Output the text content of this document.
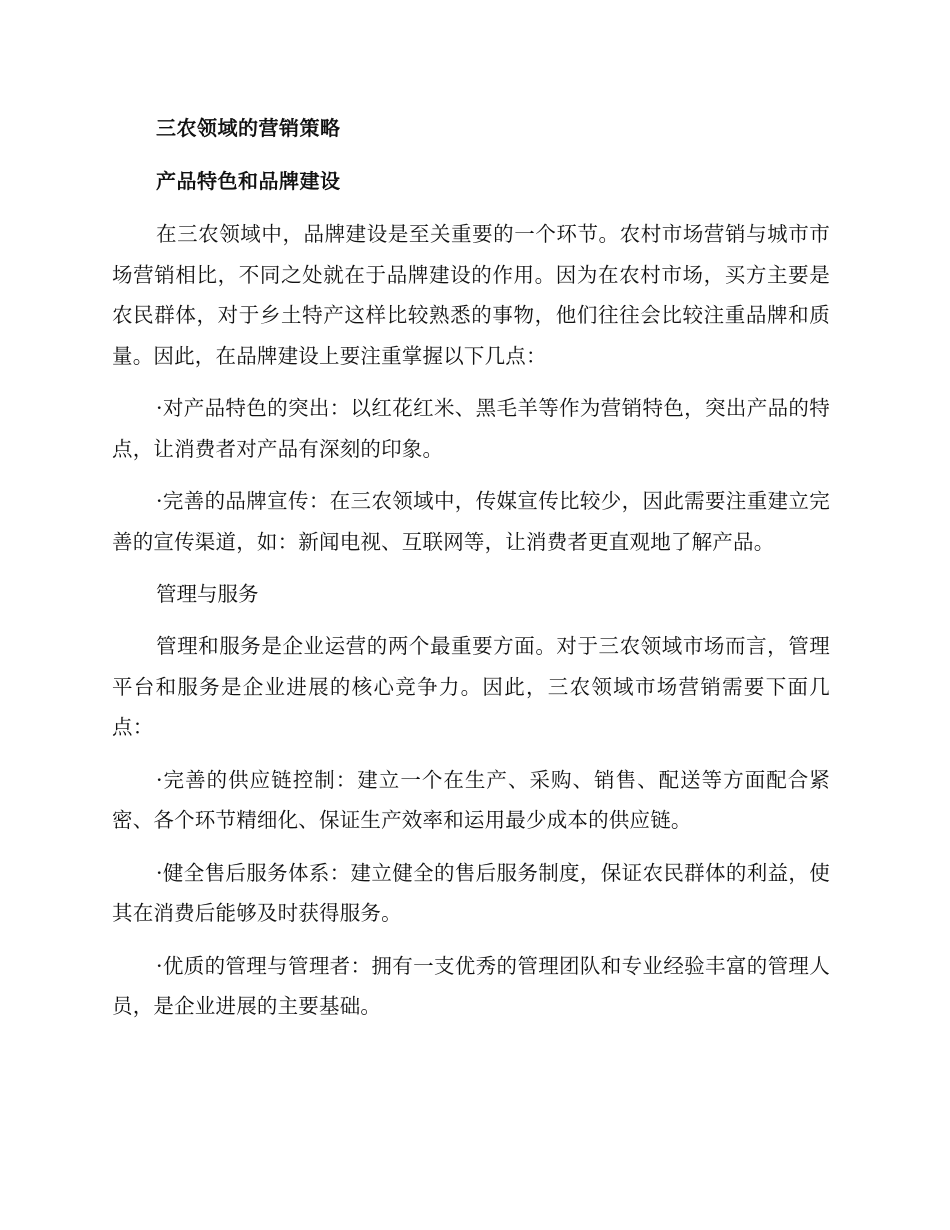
三农领域的营销策略
产品特色和品牌建设

在三农领域中，品牌建设是至关重要的一个环节。农村市场营销与城市市场营销相比，不同之处就在于品牌建设的作用。因为在农村市场，买方主要是农民群体，对于乡土特产这样比较熟悉的事物，他们往往会比较注重品牌和质量。因此，在品牌建设上要注重掌握以下几点：

·对产品特色的突出：以红花红米、黑毛羊等作为营销特色，突出产品的特点，让消费者对产品有深刻的印象。

·完善的品牌宣传：在三农领域中，传媒宣传比较少，因此需要注重建立完善的宣传渠道，如：新闻电视、互联网等，让消费者更直观地了解产品。

管理与服务

管理和服务是企业运营的两个最重要方面。对于三农领域市场而言，管理平台和服务是企业进展的核心竞争力。因此，三农领域市场营销需要下面几点：

·完善的供应链控制：建立一个在生产、采购、销售、配送等方面配合紧密、各个环节精细化、保证生产效率和运用最少成本的供应链。

·健全售后服务体系：建立健全的售后服务制度，保证农民群体的利益，使其在消费后能够及时获得服务。

·优质的管理与管理者：拥有一支优秀的管理团队和专业经验丰富的管理人员，是企业进展的主要基础。
